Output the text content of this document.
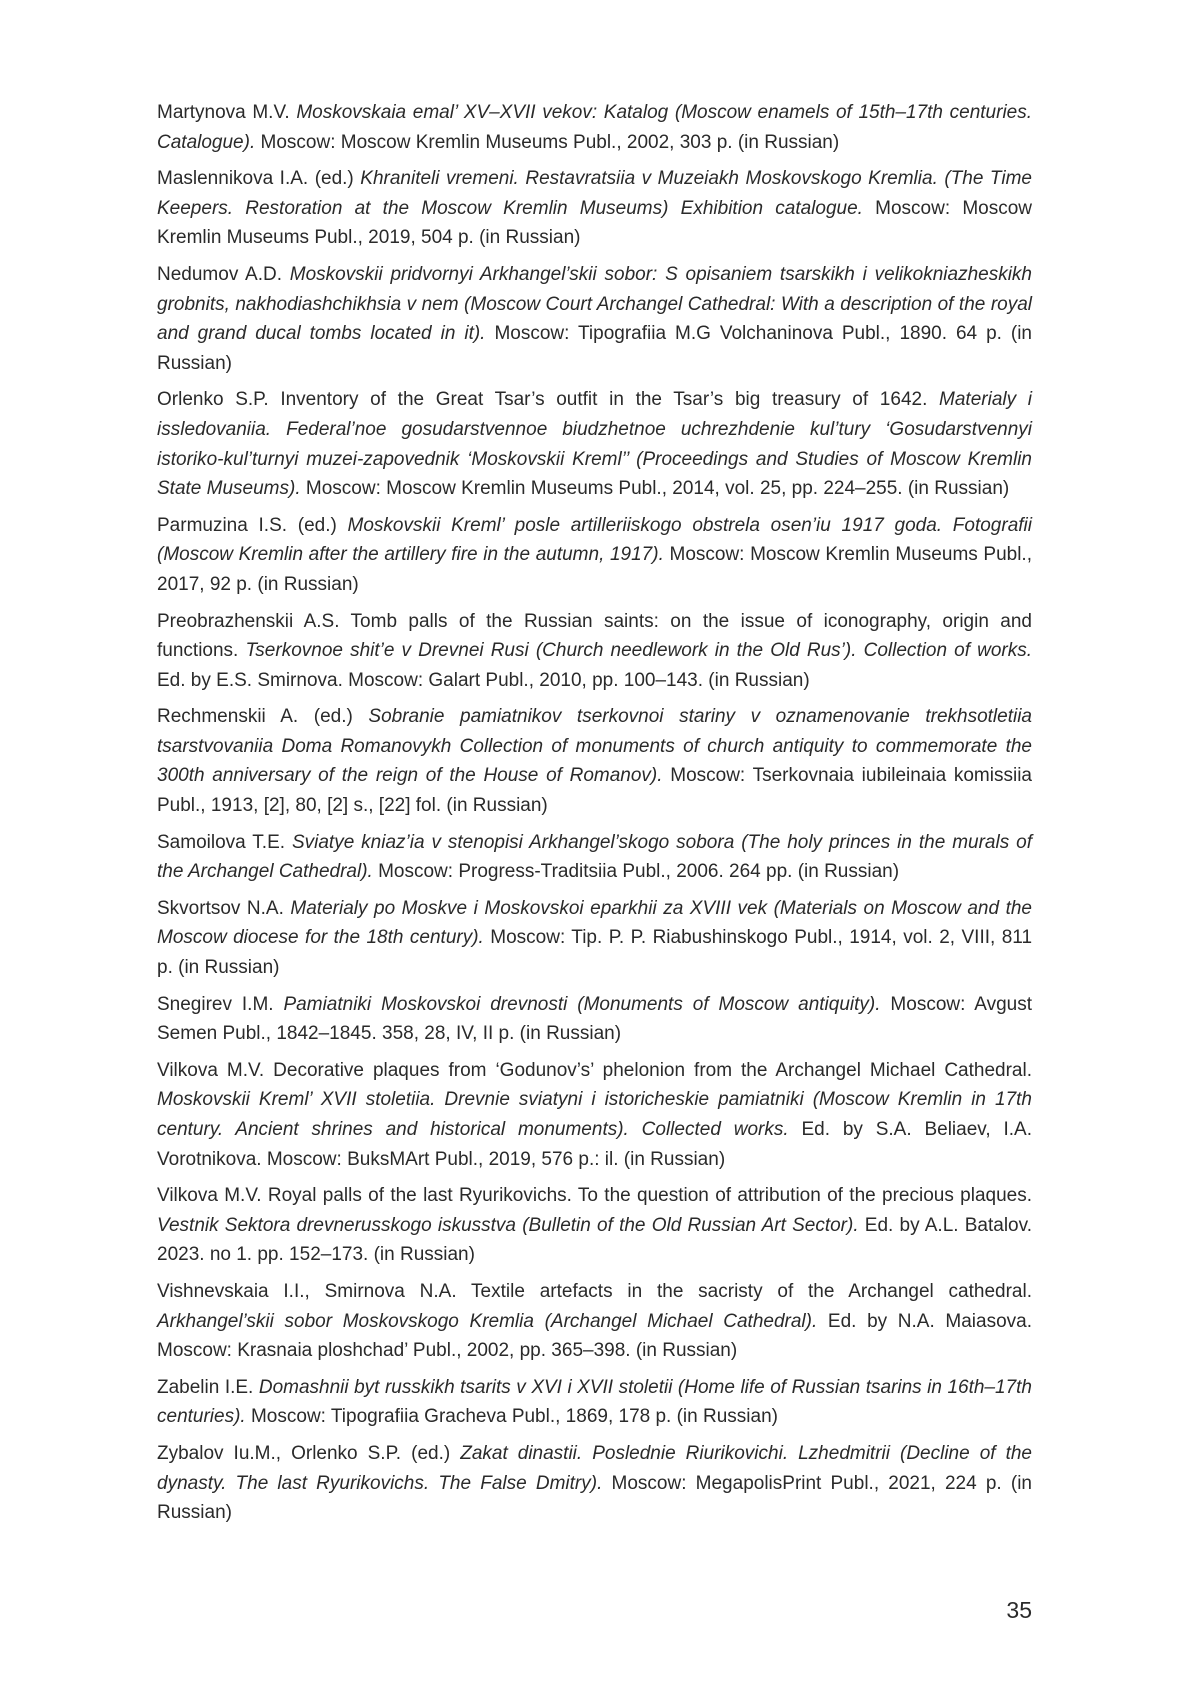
Martynova M.V. Moskovskaia emal’ XV–XVII vekov: Katalog (Moscow enamels of 15th–17th centuries. Catalogue). Moscow: Moscow Kremlin Museums Publ., 2002, 303 p. (in Russian)
Maslennikova I.A. (ed.) Khraniteli vremeni. Restavratsiia v Muzeiakh Moskovskogo Kremlia. (The Time Keepers. Restoration at the Moscow Kremlin Museums) Exhibition catalogue. Moscow: Moscow Kremlin Museums Publ., 2019, 504 p. (in Russian)
Nedumov A.D. Moskovskii pridvornyi Arkhangel’skii sobor: S opisaniem tsarskikh i velikokniazheskikh grobnits, nakhodiashchikhsia v nem (Moscow Court Archangel Cathedral: With a description of the royal and grand ducal tombs located in it). Moscow: Tipografiia M.G Volchaninova Publ., 1890. 64 p. (in Russian)
Orlenko S.P. Inventory of the Great Tsar’s outfit in the Tsar’s big treasury of 1642. Materialy i issledovaniia. Federal’noe gosudarstvennoe biudzhetnoe uchrezhdenie kul’tury ‘Gosudarstvennyi istoriko-kul’turnyi muzei-zapovednik ‘Moskovskii Kreml’’ (Proceedings and Studies of Moscow Kremlin State Museums). Moscow: Moscow Kremlin Museums Publ., 2014, vol. 25, pp. 224–255. (in Russian)
Parmuzina I.S. (ed.) Moskovskii Kreml’ posle artilleriiskogo obstrela osen’iu 1917 goda. Fotografii (Moscow Kremlin after the artillery fire in the autumn, 1917). Moscow: Moscow Kremlin Museums Publ., 2017, 92 p. (in Russian)
Preobrazhenskii A.S. Tomb palls of the Russian saints: on the issue of iconography, origin and functions. Tserkovnoe shit’e v Drevnei Rusi (Church needlework in the Old Rus’). Collection of works. Ed. by E.S. Smirnova. Moscow: Galart Publ., 2010, pp. 100–143. (in Russian)
Rechmenskii A. (ed.) Sobranie pamiatnikov tserkovnoi stariny v oznamenovanie trekhsotletiia tsarstvovaniia Doma Romanovykh Collection of monuments of church antiquity to commemorate the 300th anniversary of the reign of the House of Romanov). Moscow: Tserkovnaia iubileinaia komissiia Publ., 1913, [2], 80, [2] s., [22] fol. (in Russian)
Samoilova T.E. Sviatye kniaz’ia v stenopisi Arkhangel’skogo sobora (The holy princes in the murals of the Archangel Cathedral). Moscow: Progress-Traditsiia Publ., 2006. 264 pp. (in Russian)
Skvortsov N.A. Materialy po Moskve i Moskovskoi eparkhii za XVIII vek (Materials on Moscow and the Moscow diocese for the 18th century). Moscow: Tip. P. P. Riabushinskogo Publ., 1914, vol. 2, VIII, 811 p. (in Russian)
Snegirev I.M. Pamiatniki Moskovskoi drevnosti (Monuments of Moscow antiquity). Moscow: Avgust Semen Publ., 1842–1845. 358, 28, IV, II p. (in Russian)
Vilkova M.V. Decorative plaques from ‘Godunov’s’ phelonion from the Archangel Michael Cathedral. Moskovskii Kreml’ XVII stoletiia. Drevnie sviatyni i istoricheskie pamiatniki (Moscow Kremlin in 17th century. Ancient shrines and historical monuments). Collected works. Ed. by S.A. Beliaev, I.A. Vorotnikova. Moscow: BuksMArt Publ., 2019, 576 p.: il. (in Russian)
Vilkova M.V. Royal palls of the last Ryurikovichs. To the question of attribution of the precious plaques. Vestnik Sektora drevnerusskogo iskusstva (Bulletin of the Old Russian Art Sector). Ed. by A.L. Batalov. 2023. no 1. pp. 152–173. (in Russian)
Vishnevskaia I.I., Smirnova N.A. Textile artefacts in the sacristy of the Archangel cathedral. Arkhangel’skii sobor Moskovskogo Kremlia (Archangel Michael Cathedral). Ed. by N.A. Maiasova. Moscow: Krasnaia ploshchad’ Publ., 2002, pp. 365–398. (in Russian)
Zabelin I.E. Domashnii byt russkikh tsarits v XVI i XVII stoletii (Home life of Russian tsarins in 16th–17th centuries). Moscow: Tipografiia Gracheva Publ., 1869, 178 p. (in Russian)
Zybalov Iu.M., Orlenko S.P. (ed.) Zakat dinastii. Poslednie Riurikovichi. Lzhedmitrii (Decline of the dynasty. The last Ryurikovichs. The False Dmitry). Moscow: MegapolisPrint Publ., 2021, 224 p. (in Russian)
35
